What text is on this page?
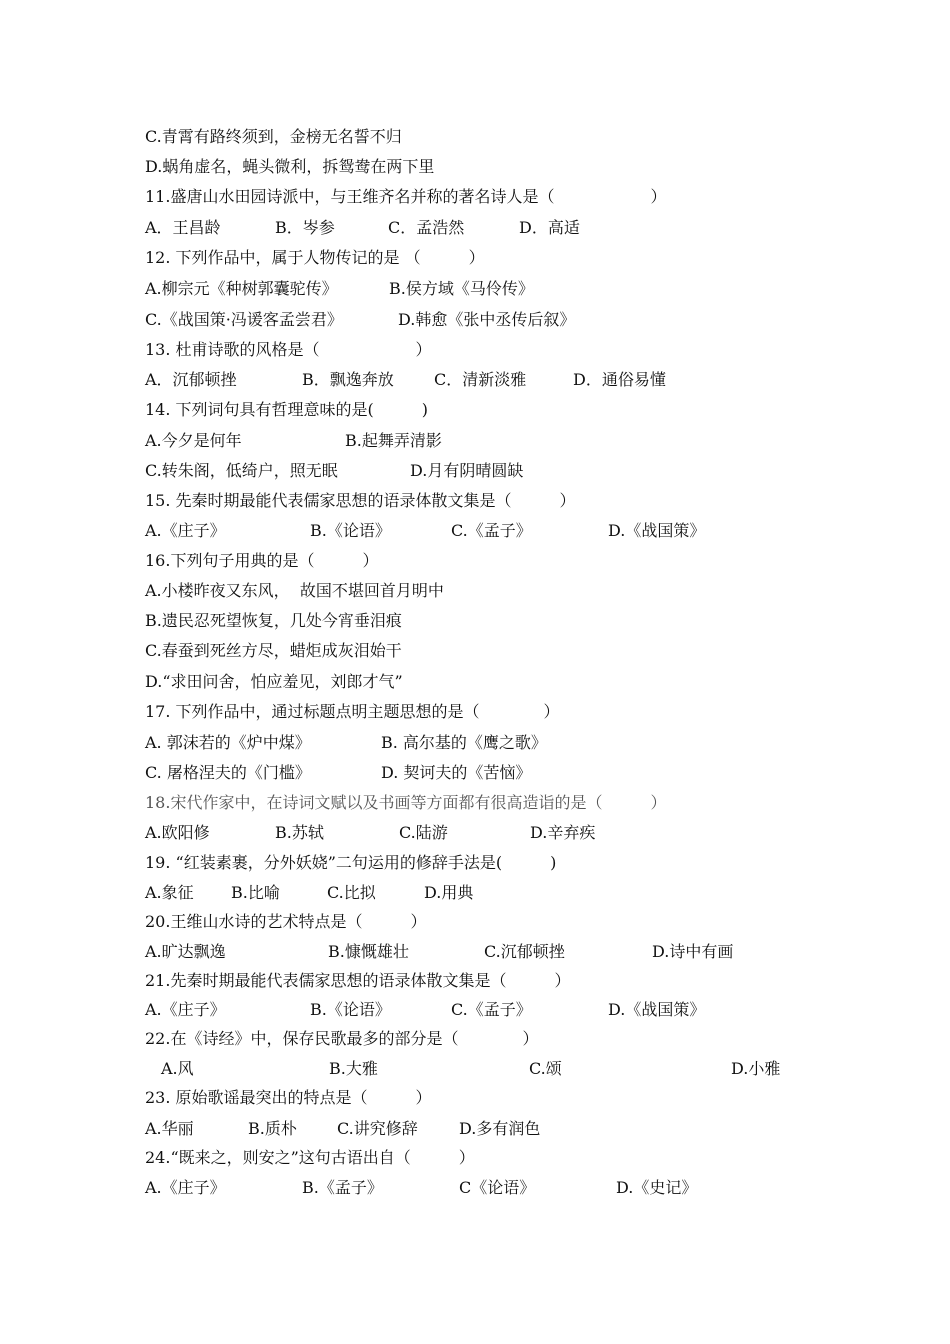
C.青霄有路终须到，金榜无名誓不归
D.蜗角虚名，蝇头微利，拆鸳鸯在两下里
11.盛唐山水田园诗派中，与王维齐名并称的著名诗人是（　　　　　　）

A．王昌龄

	B．岑参

	C．孟浩然

	D．高适

12. 下列作品中，属于人物传记的是 （　　　）

A.柳宗元《种树郭囊驼传》

	B.侯方域《马伶传》

C.《战国策·冯谖客孟尝君》

	D.韩愈《张中丞传后叙》

13. 杜甫诗歌的风格是（　　　　　　）

A．沉郁顿挫

	B．飘逸奔放

	C．清新淡雅

	D．通俗易懂

14. 下列词句具有哲理意味的是(　　　)

A.今夕是何年

	B.起舞弄清影

C.转朱阁，低绮户，照无眠

	D.月有阴晴圆缺

15. 先秦时期最能代表儒家思想的语录体散文集是（　　　）

A.《庄子》

	B.《论语》

	C.《孟子》

	D.《战国策》

16.下列句子用典的是（　　　）
A.小楼昨夜又东风，  故国不堪回首月明中
B.遗民忍死望恢复，几处今宵垂泪痕
C.春蚕到死丝方尽，蜡炬成灰泪始干
D.“求田问舍，怕应羞见，刘郎才气”
17. 下列作品中，通过标题点明主题思想的是（　　　　）

A. 郭沫若的《炉中煤》

	B. 高尔基的《鹰之歌》

C. 屠格涅夫的《门槛》

	D. 契诃夫的《苦恼》

18.宋代作家中，在诗词文赋以及书画等方面都有很高造诣的是（　　　）

A.欧阳修

	B.苏轼

	C.陆游

	D.辛弃疾

19. “红装素裹，分外妖娆”二句运用的修辞手法是(　　　)

A.象征

B.比喻

	C.比拟

	D.用典

20.王维山水诗的艺术特点是（　　　）

A.旷达飘逸

	B.慷慨雄壮

	C.沉郁顿挫

	D.诗中有画

21.先秦时期最能代表儒家思想的语录体散文集是（　　　）

A.《庄子》

	B.《论语》

	C.《孟子》

	D.《战国策》

22.在《诗经》中，保存民歌最多的部分是（　　　　）

A.风

	B.大雅

	C.颂

	D.小雅

23. 原始歌谣最突出的特点是（　　　）

A.华丽

	B.质朴

	C.讲究修辞

	D.多有润色

24.“既来之，则安之”这句古语出自（　　　）

A.《庄子》

	B.《孟子》

	C《论语》

	D.《史记》
